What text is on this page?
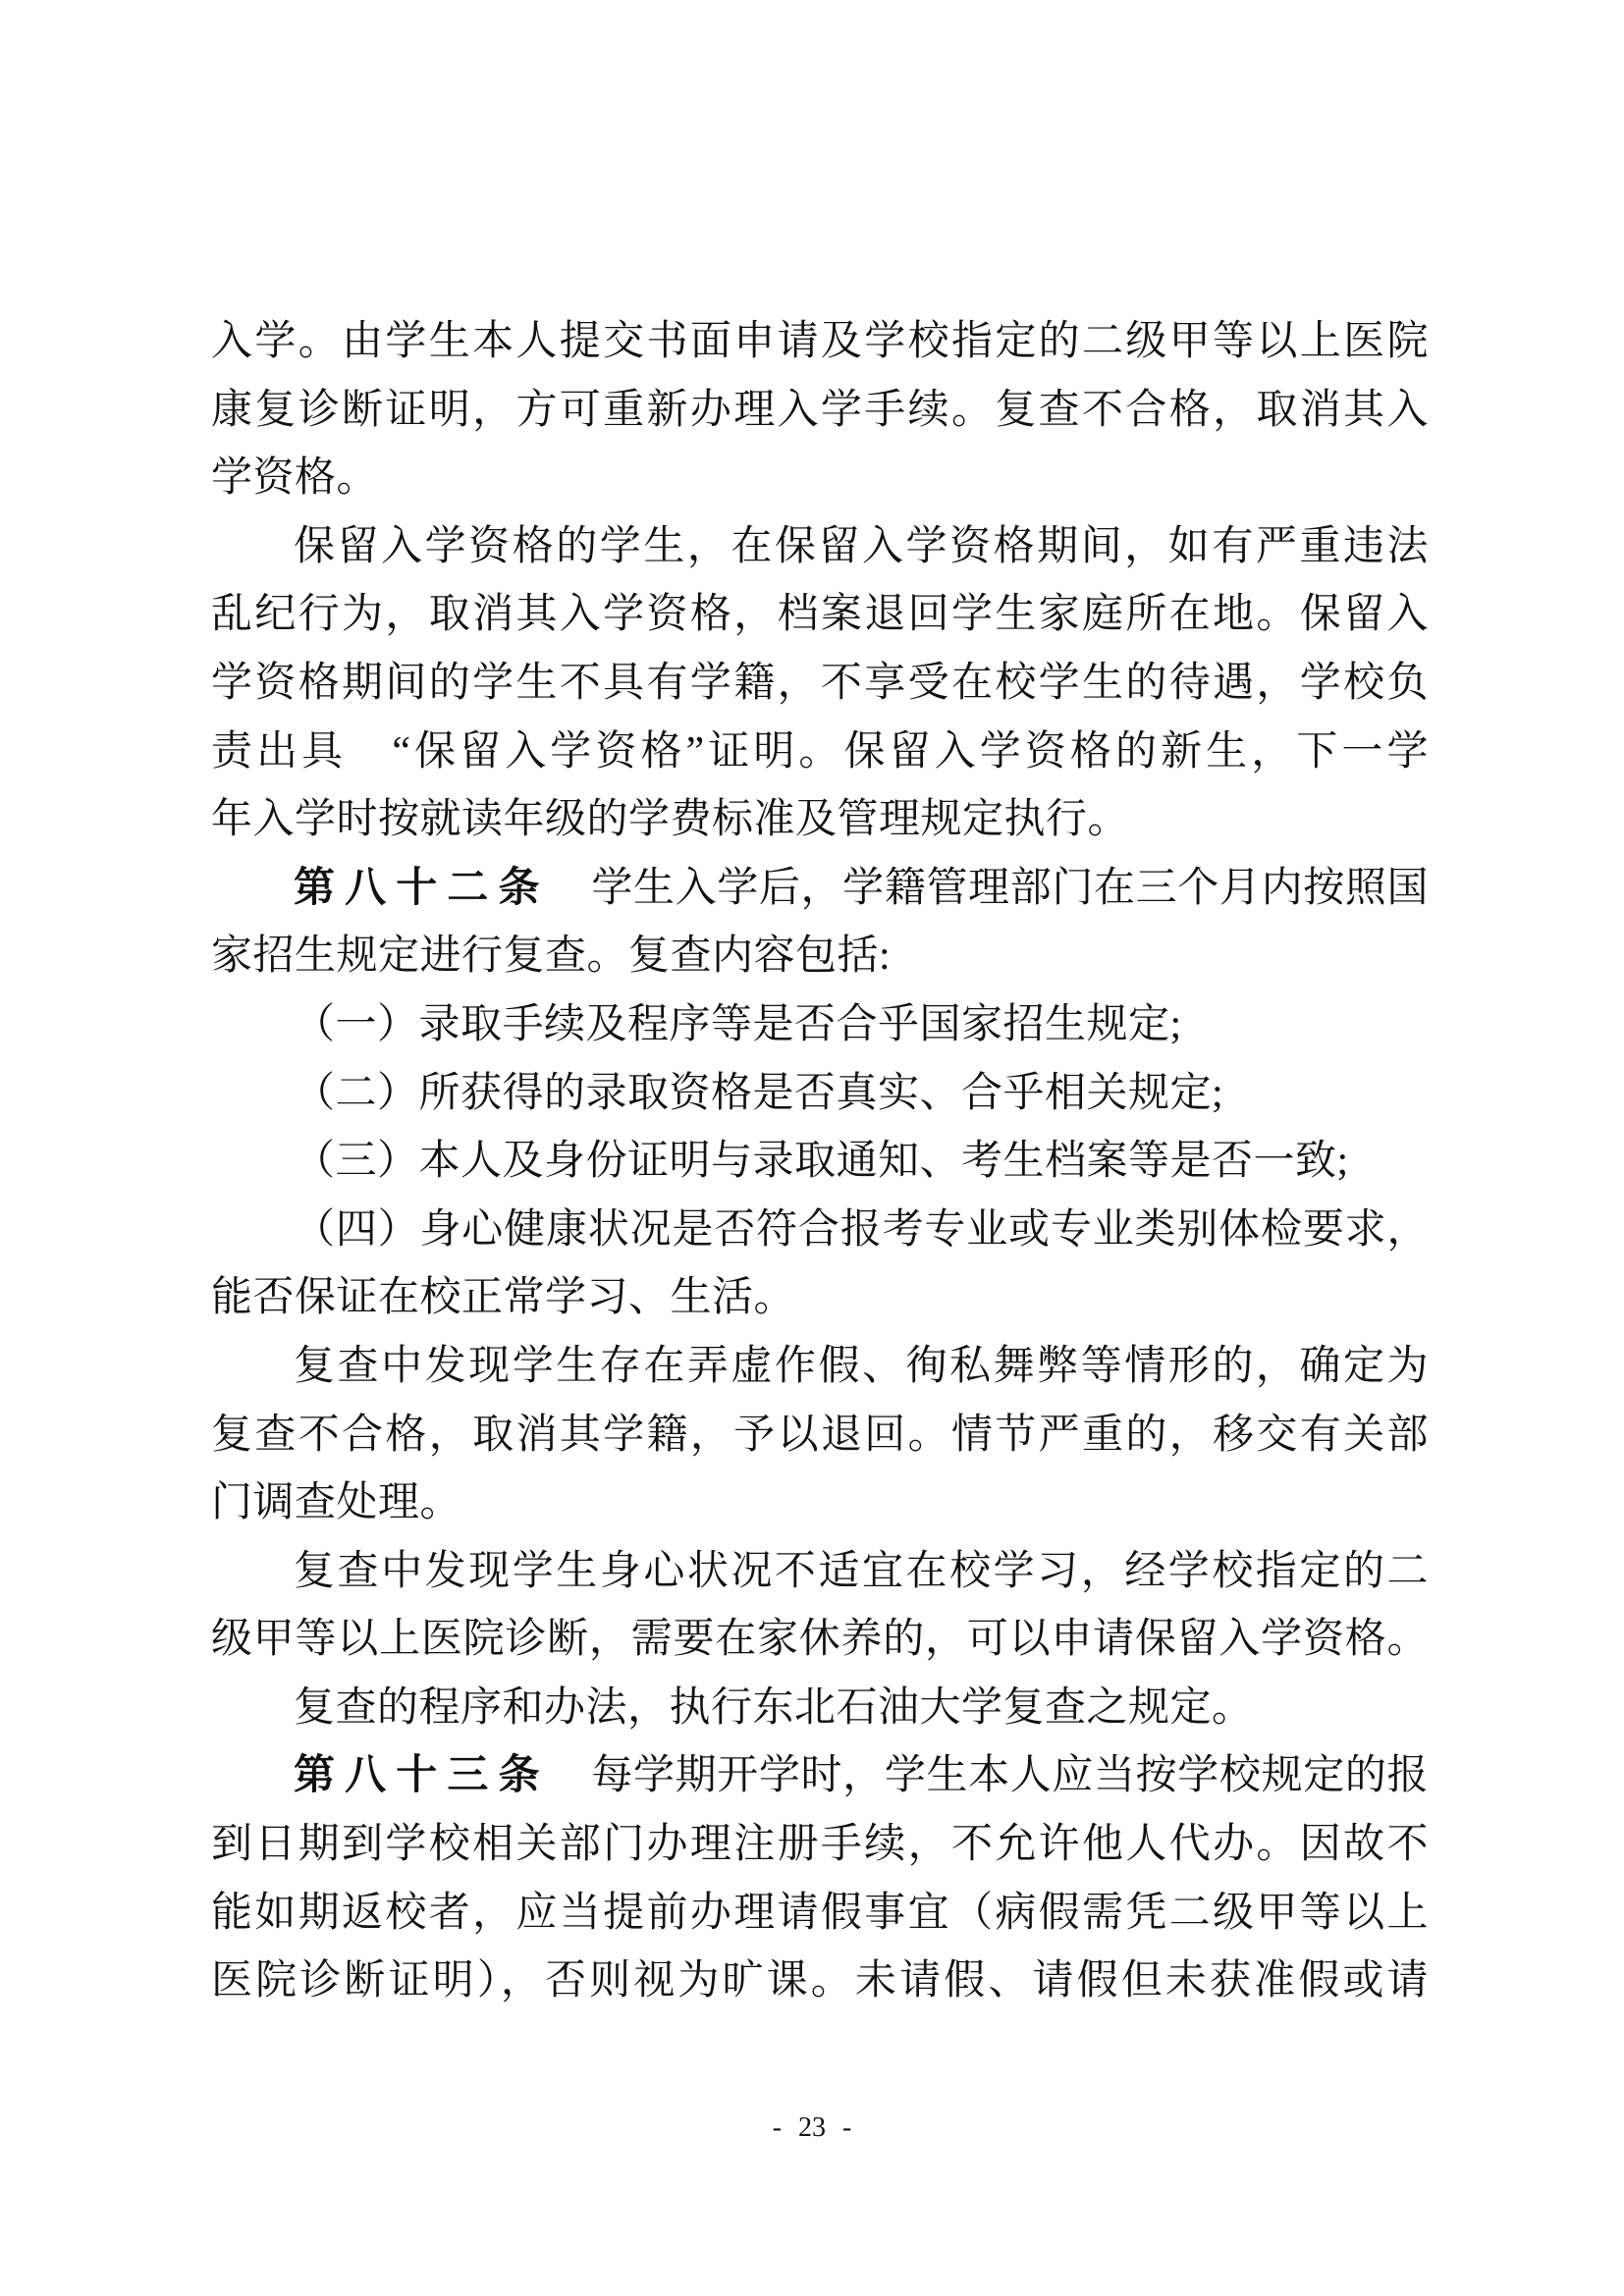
入学。由学生本人提交书面申请及学校指定的二级甲等以上医院
康复诊断证明，方可重新办理入学手续。复查不合格，取消其入
学资格。
保留入学资格的学生，在保留入学资格期间，如有严重违法
乱纪行为，取消其入学资格，档案退回学生家庭所在地。保留入
学资格期间的学生不具有学籍，不享受在校学生的待遇，学校负
责出具　“保留入学资格”证明。保留入学资格的新生，下一学
年入学时按就读年级的学费标准及管理规定执行。
第八十二条　学生入学后，学籍管理部门在三个月内按照国
家招生规定进行复查。复查内容包括:
（一）录取手续及程序等是否合乎国家招生规定;
（二）所获得的录取资格是否真实、合乎相关规定;
（三）本人及身份证明与录取通知、考生档案等是否一致;
（四）身心健康状况是否符合报考专业或专业类别体检要求，
能否保证在校正常学习、生活。
复查中发现学生存在弄虚作假、徇私舞弊等情形的，确定为
复查不合格，取消其学籍，予以退回。情节严重的，移交有关部
门调查处理。
复查中发现学生身心状况不适宜在校学习，经学校指定的二
级甲等以上医院诊断，需要在家休养的，可以申请保留入学资格。
复查的程序和办法，执行东北石油大学复查之规定。
第八十三条　每学期开学时，学生本人应当按学校规定的报
到日期到学校相关部门办理注册手续，不允许他人代办。因故不
能如期返校者，应当提前办理请假事宜（病假需凭二级甲等以上
医院诊断证明），否则视为旷课。未请假、请假但未获准假或请
- 23 -
